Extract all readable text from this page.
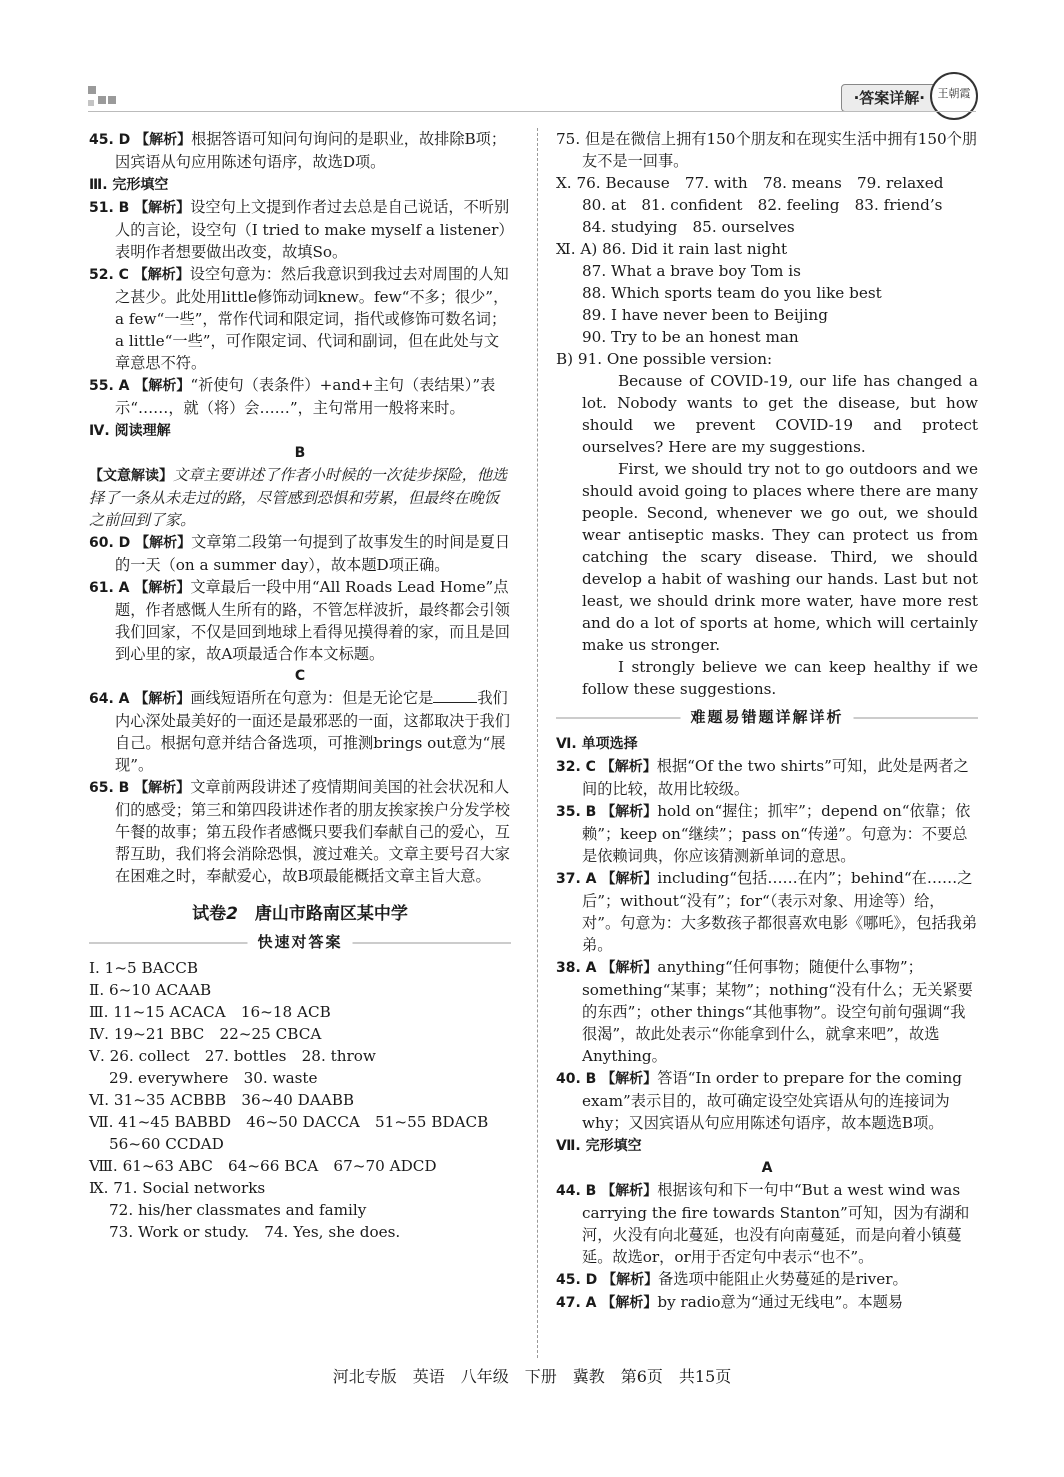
·答案详解·	王朝霞

45. D 【解析】根据答语可知问句询问的是职业，故排除B项；因宾语从句应用陈述句语序，故选D项。

Ⅲ. 完形填空

51. B 【解析】设空句上文提到作者过去总是自己说话，不听别人的言论，设空句（I tried to make myself a listener）表明作者想要做出改变，故填So。

52. C 【解析】设空句意为：然后我意识到我过去对周围的人知之甚少。此处用little修饰动词knew。few“不多；很少”，a few“一些”，常作代词和限定词，指代或修饰可数名词；a little“一些”，可作限定词、代词和副词，但在此处与文章意思不符。

55. A 【解析】“祈使句（表条件）+and+主句（表结果）”表示“……，就（将）会……”，主句常用一般将来时。

Ⅳ. 阅读理解

B

【文意解读】文章主要讲述了作者小时候的一次徒步探险，他选择了一条从未走过的路，尽管感到恐惧和劳累，但最终在晚饭之前回到了家。

60. D 【解析】文章第二段第一句提到了故事发生的时间是夏日的一天（on a summer day），故本题D项正确。

61. A 【解析】文章最后一段中用“All Roads Lead Home”点题，作者感慨人生所有的路，不管怎样波折，最终都会引领我们回家，不仅是回到地球上看得见摸得着的家，而且是回到心里的家，故A项最适合作本文标题。

C

64. A 【解析】画线短语所在句意为：但是无论它是	我们内心深处最美好的一面还是最邪恶的一面，这都取决于我们自己。根据句意并结合备选项，可推测brings out意为“展现”。

65. B 【解析】文章前两段讲述了疫情期间美国的社会状况和人们的感受；第三和第四段讲述作者的朋友挨家挨户分发学校午餐的故事；第五段作者感慨只要我们奉献自己的爱心，互帮互助，我们将会消除恐惧，渡过难关。文章主要号召大家在困难之时，奉献爱心，故B项最能概括文章主旨大意。

试卷2　 唐山市路南区某中学

快速对答案

Ⅰ. 1~5 BACCB

Ⅱ. 6~10 ACAAB

Ⅲ. 11~15 ACACA　16~18 ACB

Ⅳ. 19~21 BBC　22~25 CBCA

Ⅴ. 26. collect　27. bottles　28. throw

　 29. everywhere　30. waste

Ⅵ. 31~35 ACBBB　36~40 DAABB

Ⅶ. 41~45 BABBD　46~50 DACCA　51~55 BDACB

　 56~60 CCDAD

Ⅷ. 61~63 ABC　64~66 BCA　67~70 ADCD

Ⅸ. 71. Social networks

　 72. his/her classmates and family

　 73. Work or study.　74. Yes, she does.

75. 但是在微信上拥有150个朋友和在现实生活中拥有150个朋友不是一回事。

Ⅹ. 76. Because　77. with　78. means　79. relaxed

80. at　81. confident　82. feeling　83. friend’s

84. studying　85. ourselves

Ⅺ. A) 86. Did it rain last night

87. What a brave boy Tom is

88. Which sports team do you like best

89. I have never been to Beijing

90. Try to be an honest man

B) 91. One possible version:

Because of COVID-19, our life has changed a lot. Nobody wants to get the disease, but how should we prevent COVID-19 and protect ourselves? Here are my suggestions.

First, we should try not to go outdoors and we should avoid going to places where there are many people. Second, whenever we go out, we should wear antiseptic masks. They can protect us from catching the scary disease. Third, we should develop a habit of washing our hands. Last but not least, we should drink more water, have more rest and do a lot of sports at home, which will certainly make us stronger.

I strongly believe we can keep healthy if we follow these suggestions.

难题易错题详解详析

Ⅵ. 单项选择

32. C 【解析】根据“Of the two shirts”可知，此处是两者之间的比较，故用比较级。

35. B 【解析】hold on“握住；抓牢”；depend on“依靠；依赖”；keep on“继续”；pass on“传递”。句意为：不要总是依赖词典，你应该猜测新单词的意思。

37. A 【解析】including“包括……在内”；behind“在……之后”；without“没有”；for“（表示对象、用途等）给，对”。句意为：大多数孩子都很喜欢电影《哪吒》，包括我弟弟。

38. A 【解析】anything“任何事物；随便什么事物”；something“某事；某物”；nothing“没有什么；无关紧要的东西”；other things“其他事物”。设空句前句强调“我很渴”，故此处表示“你能拿到什么，就拿来吧”，故选Anything。

40. B 【解析】答语“In order to prepare for the coming exam”表示目的，故可确定设空处宾语从句的连接词为why；又因宾语从句应用陈述句语序，故本题选B项。

Ⅶ. 完形填空

A

44. B 【解析】根据该句和下一句中“But a west wind was carrying the fire towards Stanton”可知，因为有湖和河，火没有向北蔓延，也没有向南蔓延，而是向着小镇蔓延。故选or，or用于否定句中表示“也不”。

45. D 【解析】备选项中能阻止火势蔓延的是river。

47. A 【解析】by radio意为“通过无线电”。本题易

河北专版　英语　八年级　下册　冀教　第6页　共15页
